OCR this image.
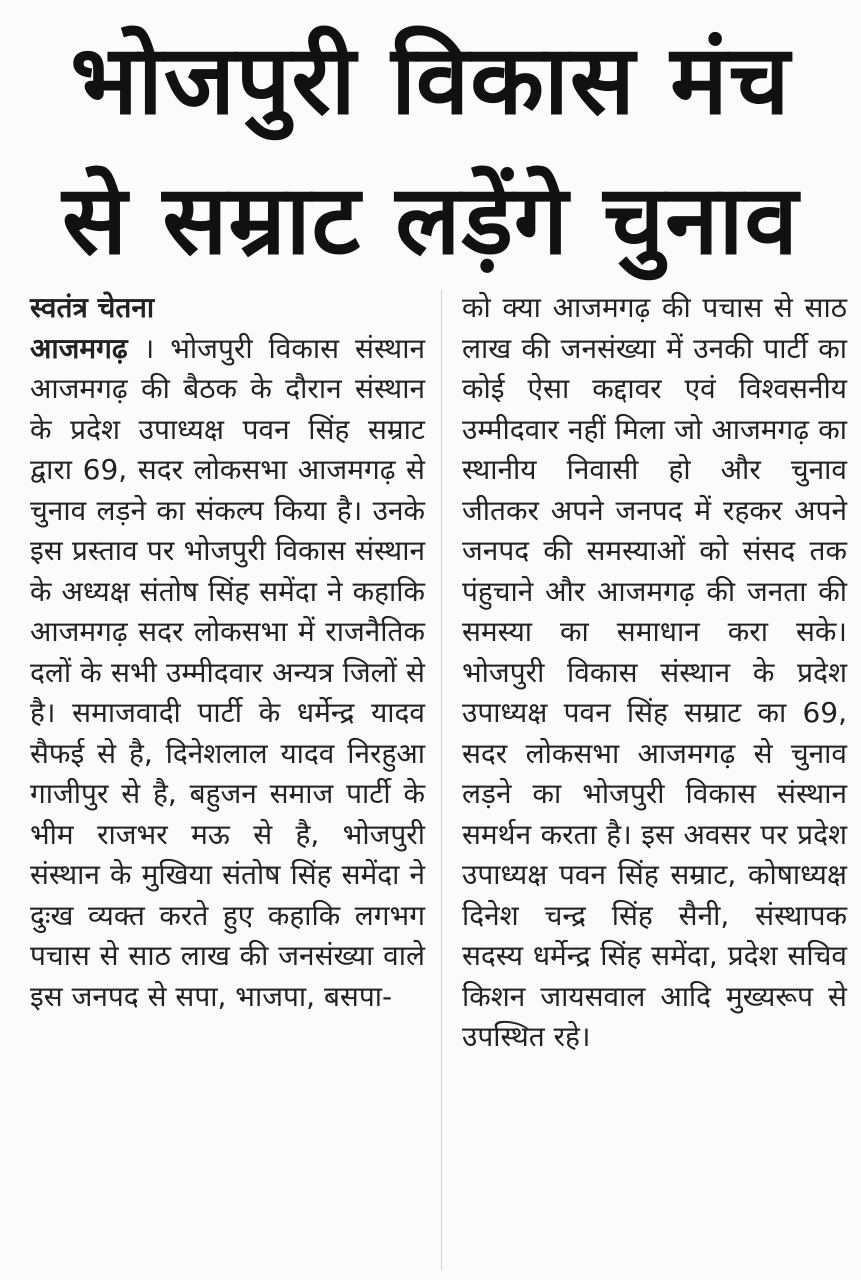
भोजपुरी विकास मंच
से सम्राट लड़ेंगे चुनाव
स्वतंत्र चेतना
आजमगढ़ । भोजपुरी विकास संस्थान आजमगढ़ की बैठक के दौरान संस्थान के प्रदेश उपाध्यक्ष पवन सिंह सम्राट द्वारा 69, सदर लोकसभा आजमगढ़ से चुनाव लड़ने का संकल्प किया है। उनके इस प्रस्ताव पर भोजपुरी विकास संस्थान के अध्यक्ष संतोष सिंह समेंदा ने कहाकि आजमगढ़ सदर लोकसभा में राजनैतिक दलों के सभी उम्मीदवार अन्यत्र जिलों से है। समाजवादी पार्टी के धर्मेन्द्र यादव सैफई से है, दिनेशलाल यादव निरहुआ गाजीपुर से है, बहुजन समाज पार्टी के भीम राजभर मऊ से है, भोजपुरी संस्थान के मुखिया संतोष सिंह समेंदा ने दुःख व्यक्त करते हुए कहाकि लगभग पचास से साठ लाख की जनसंख्या वाले इस जनपद से सपा, भाजपा, बसपा-
को क्या आजमगढ़ की पचास से साठ लाख की जनसंख्या में उनकी पार्टी का कोई ऐसा कद्दावर एवं विश्वसनीय उम्मीदवार नहीं मिला जो आजमगढ़ का स्थानीय निवासी हो और चुनाव जीतकर अपने जनपद में रहकर अपने जनपद की समस्याओं को संसद तक पंहुचाने और आजमगढ़ की जनता की समस्या का समाधान करा सके। भोजपुरी विकास संस्थान के प्रदेश उपाध्यक्ष पवन सिंह सम्राट का 69, सदर लोकसभा आजमगढ़ से चुनाव लड़ने का भोजपुरी विकास संस्थान समर्थन करता है। इस अवसर पर प्रदेश उपाध्यक्ष पवन सिंह सम्राट, कोषाध्यक्ष दिनेश चन्द्र सिंह सैनी, संस्थापक सदस्य धर्मेन्द्र सिंह समेंदा, प्रदेश सचिव किशन जायसवाल आदि मुख्यरूप से उपस्थित रहे।
